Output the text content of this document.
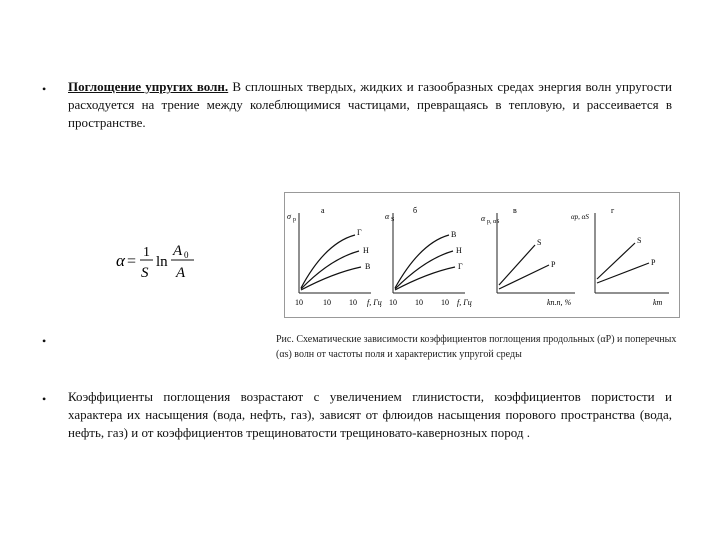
• Поглощение упругих волн. В сплошных твердых, жидких и газообразных средах энергия волн упругости расходуется на трение между колеблющимися частицами, превращаясь в тепловую, и рассеивается в пространстве.
α =
1
S
ln
A 0
A
σ р
а
Г
Н
В
10	10 10 f, Гц
α S
б
В
Н
Г
10 10 10 f, Гц
α р, αS
в
S
P
kп.п, %
αр, αS
г
S
P
kт
•	Рис. Схематические зависимости коэффициентов поглощения продольных (αP) и поперечных (αs) волн от частоты поля и характеристик упругой среды
• Коэффициенты поглощения возрастают с увеличением глинистости, коэффициентов пористости и характера их насыщения (вода, нефть, газ), зависят от флюидов насыщения порового пространства (вода, нефть, газ) и от коэффициентов трещиноватости трещиновато-кавернозных пород .
